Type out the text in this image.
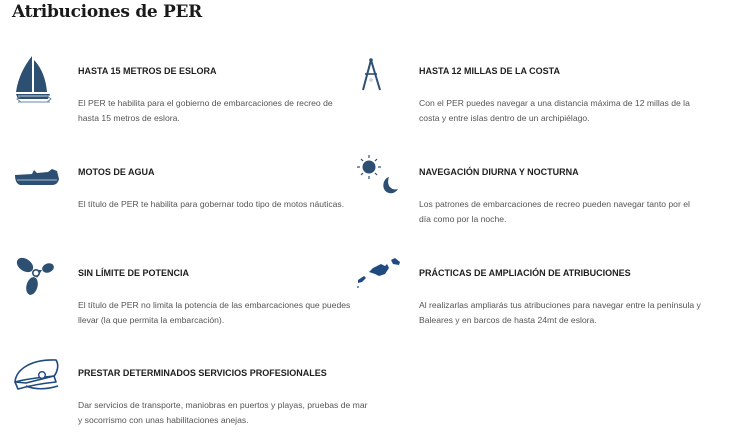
Atribuciones de PER
HASTA 15 METROS DE ESLORA
El PER te habilita para el gobierno de embarcaciones de recreo de hasta 15 metros de eslora.
HASTA 12 MILLAS DE LA COSTA
Con el PER puedes navegar a una distancia máxima de 12 millas de la costa y entre islas dentro de un archipiélago.
MOTOS DE AGUA
El título de PER te habilita para gobernar todo tipo de motos náuticas.
NAVEGACIÓN DIURNA Y NOCTURNA
Los patrones de embarcaciones de recreo pueden navegar tanto por el día como por la noche.
SIN LÍMITE DE POTENCIA
El título de PER no limita la potencia de las embarcaciones que puedes llevar (la que permita la embarcación).
PRÁCTICAS DE AMPLIACIÓN DE ATRIBUCIONES
Al realizarlas ampliarás tus atribuciones para navegar entre la península y Baleares y en barcos de hasta 24mt de eslora.
PRESTAR DETERMINADOS SERVICIOS PROFESIONALES
Dar servicios de transporte, maniobras en puertos y playas, pruebas de mar y socorrismo con unas habilitaciones anejas.
